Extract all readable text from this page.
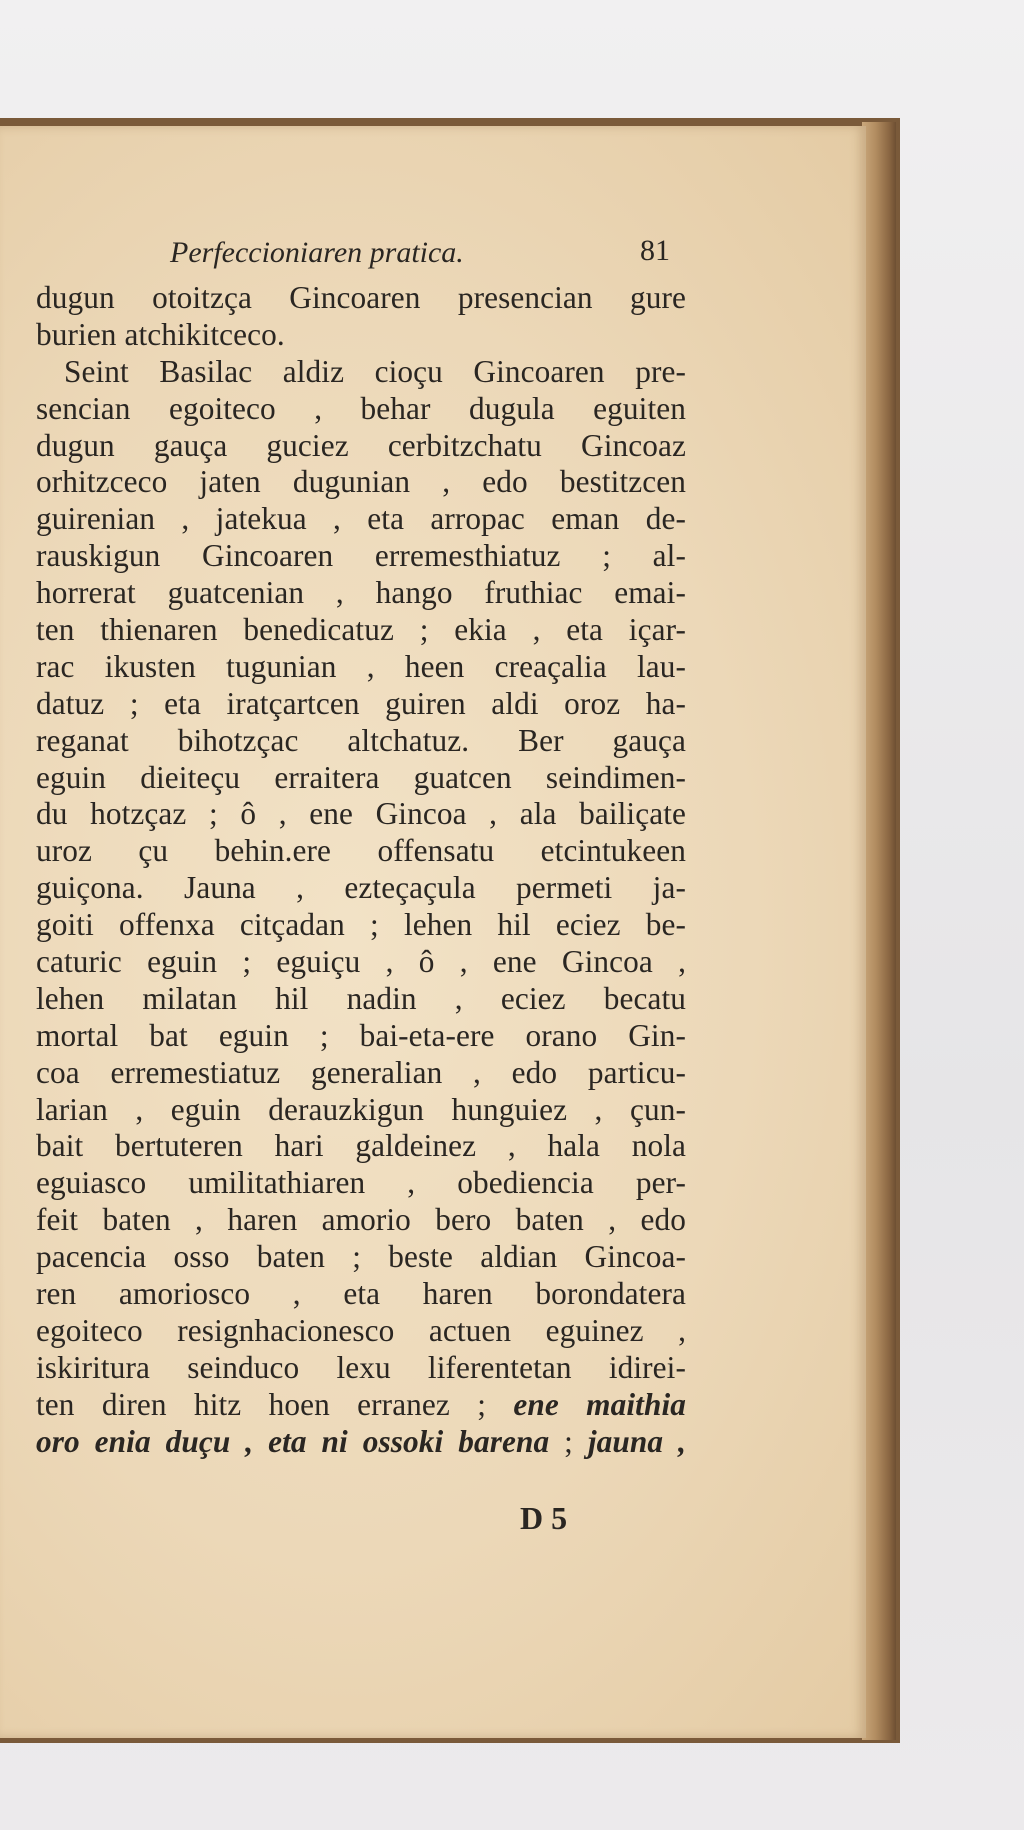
Perfeccioniaren pratica.	81
dugun otoitzça Gincoaren presencian gure
burien atchikitceco.
Seint Basilac aldiz cioçu Gincoaren pre-
sencian egoiteco , behar dugula eguiten
dugun gauça guciez cerbitzchatu Gincoaz
orhitzceco jaten dugunian , edo bestitzcen
guirenian , jatekua , eta arropac eman de-
rauskigun Gincoaren erremesthiatuz ; al-
horrerat guatcenian , hango fruthiac emai-
ten thienaren benedicatuz ; ekia , eta içar-
rac ikusten tugunian , heen creaçalia lau-
datuz ; eta iratçartcen guiren aldi oroz ha-
reganat bihotzçac altchatuz. Ber gauça
eguin dieiteçu erraitera guatcen seindimen-
du hotzçaz ; ô , ene Gincoa , ala bailiçate
uroz çu behin.ere offensatu etcintukeen
guiçona. Jauna , ezteçaçula permeti ja-
goiti offenxa citçadan ; lehen hil eciez be-
caturic eguin ; eguiçu , ô , ene Gincoa ,
lehen milatan hil nadin , eciez becatu
mortal bat eguin ; bai-eta-ere orano Gin-
coa erremestiatuz generalian , edo particu-
larian , eguin derauzkigun hunguiez , çun-
bait bertuteren hari galdeinez , hala nola
eguiasco umilitathiaren , obediencia per-
feit baten , haren amorio bero baten , edo
pacencia osso baten ; beste aldian Gincoa-
ren amoriosco , eta haren borondatera
egoiteco resignhacionesco actuen eguinez ,
iskiritura seinduco lexu liferentetan idirei-
ten diren hitz hoen erranez ; ene maithia
oro enia duçu , eta ni ossoki barena ; jauna ,
D 5
